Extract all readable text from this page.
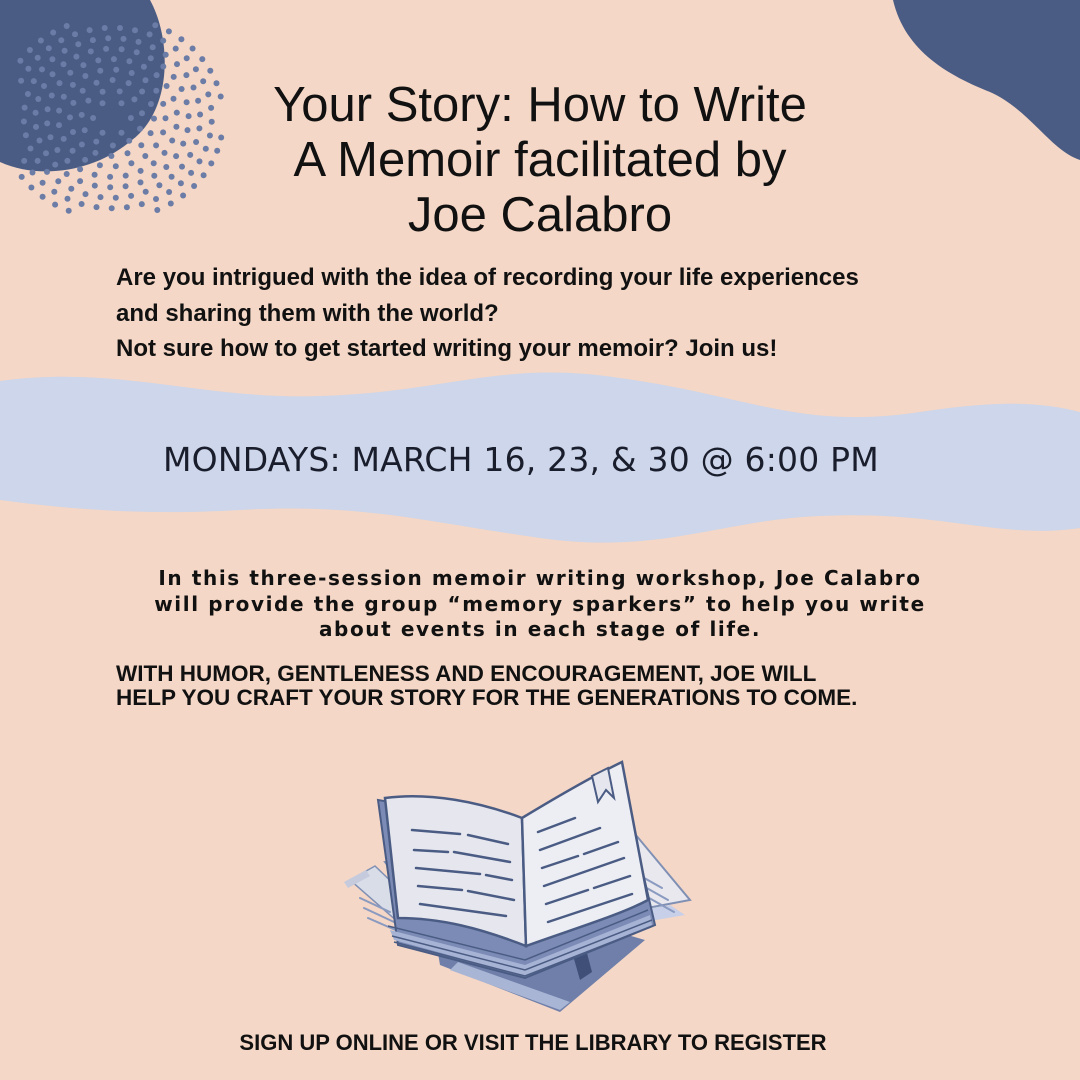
Your Story: How to Write
A Memoir facilitated by
Joe Calabro
Are you intrigued with the idea of recording your life experiences
and sharing them with the world?
Not sure how to get started writing your memoir? Join us!
MONDAYS: MARCH 16, 23, & 30 @ 6:00 PM
In this three-session memoir writing workshop, Joe Calabro
will provide the group “memory sparkers” to help you write
about events in each stage of life.
WITH HUMOR, GENTLENESS AND ENCOURAGEMENT, JOE WILL
HELP YOU CRAFT YOUR STORY FOR THE GENERATIONS TO COME.
SIGN UP ONLINE OR VISIT THE LIBRARY TO REGISTER
